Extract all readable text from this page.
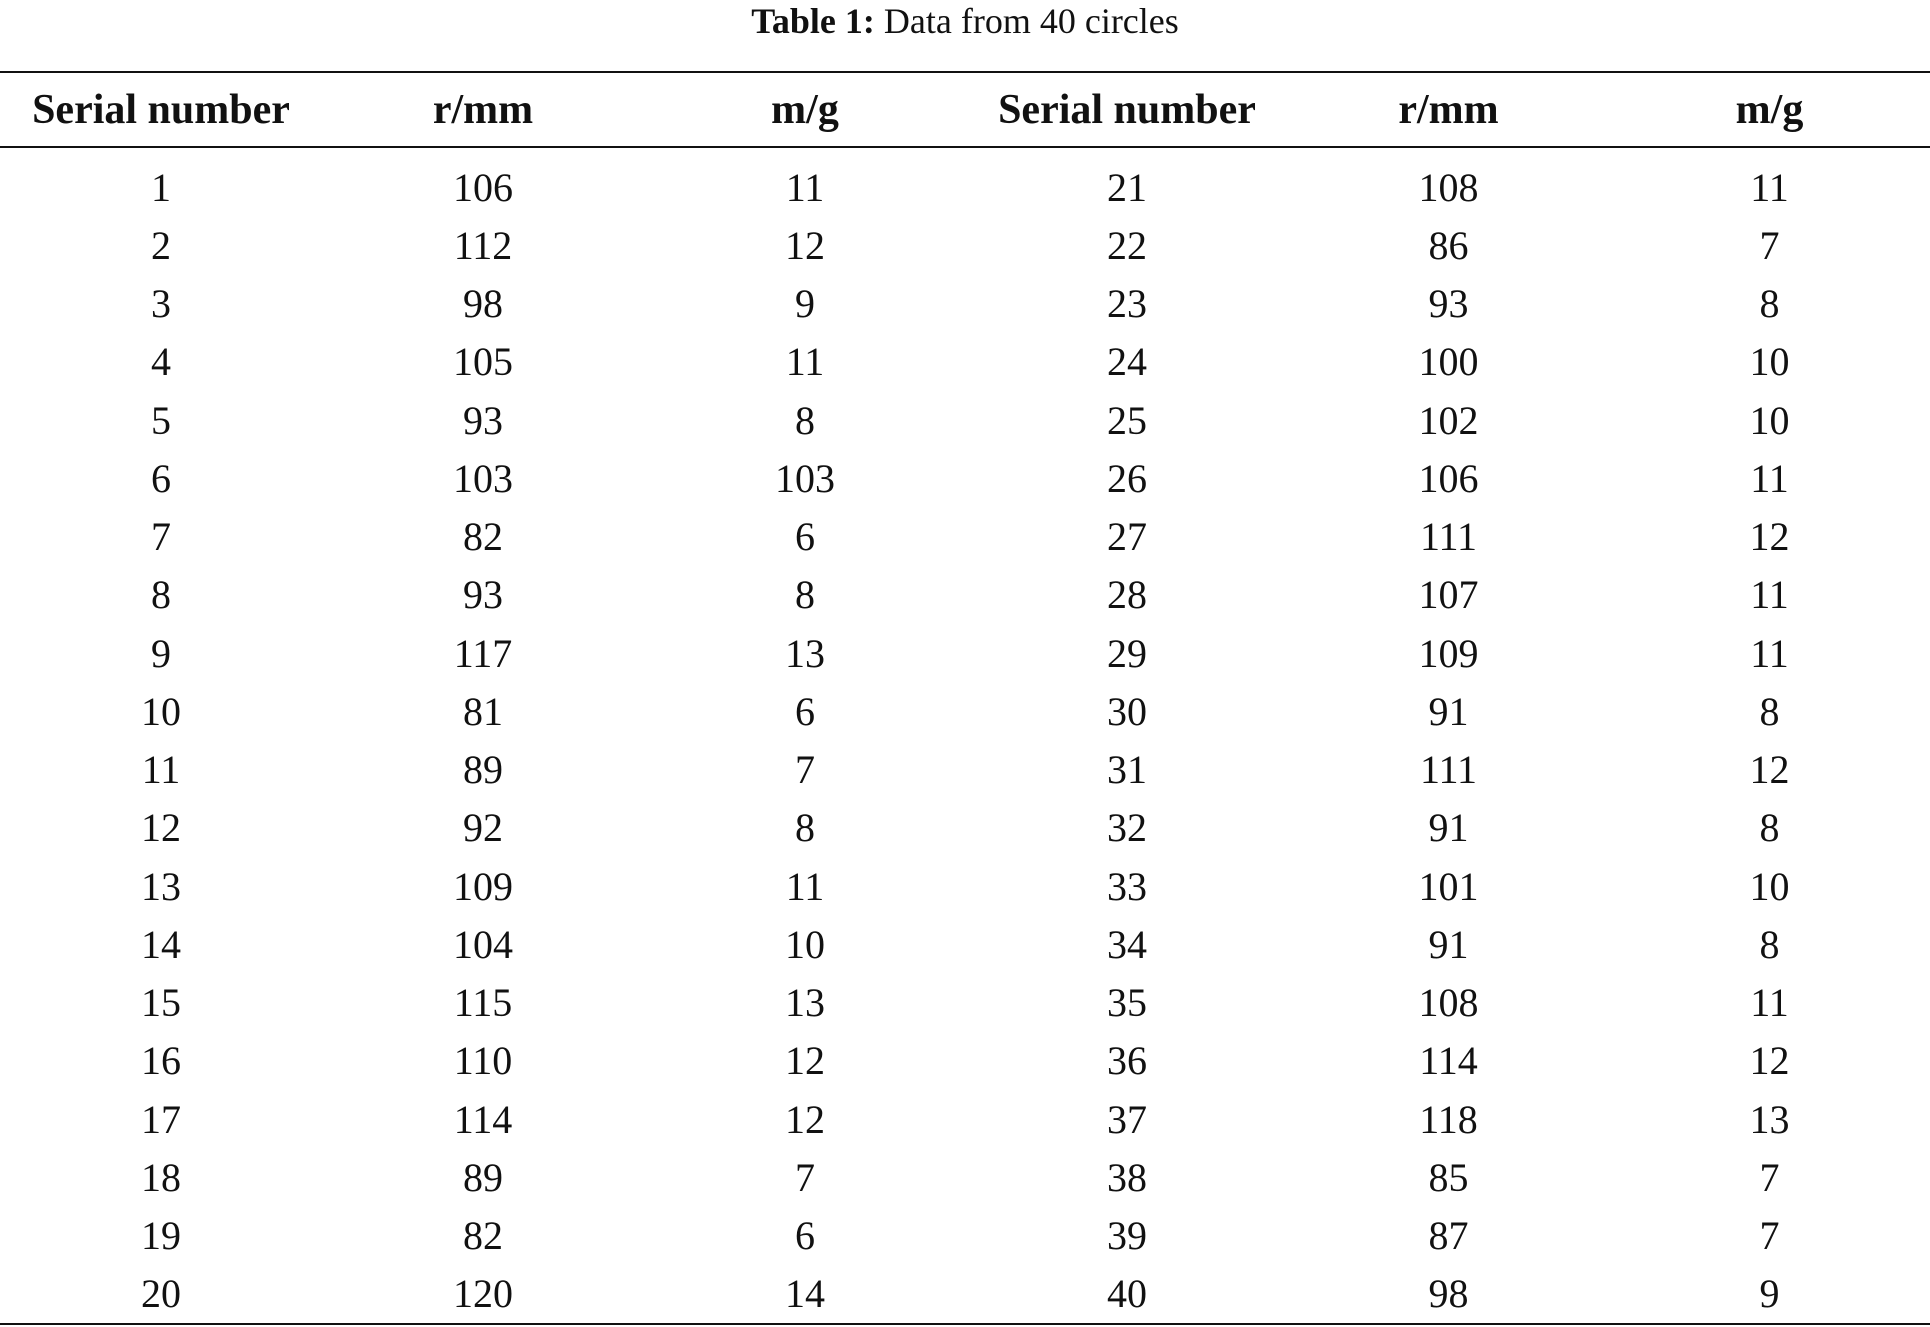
Table 1: Data from 40 circles
Serial number	r/mm	m/g	Serial number	r/mm	m/g

1	106	11	21	108	11
2	112	12	22	86	7
3	98	9	23	93	8
4	105	11	24	100	10
5	93	8	25	102	10
6	103	103	26	106	11
7	82	6	27	111	12
8	93	8	28	107	11
9	117	13	29	109	11
10	81	6	30	91	8
11	89	7	31	111	12
12	92	8	32	91	8
13	109	11	33	101	10
14	104	10	34	91	8
15	115	13	35	108	11
16	110	12	36	114	12
17	114	12	37	118	13
18	89	7	38	85	7
19	82	6	39	87	7
20	120	14	40	98	9
